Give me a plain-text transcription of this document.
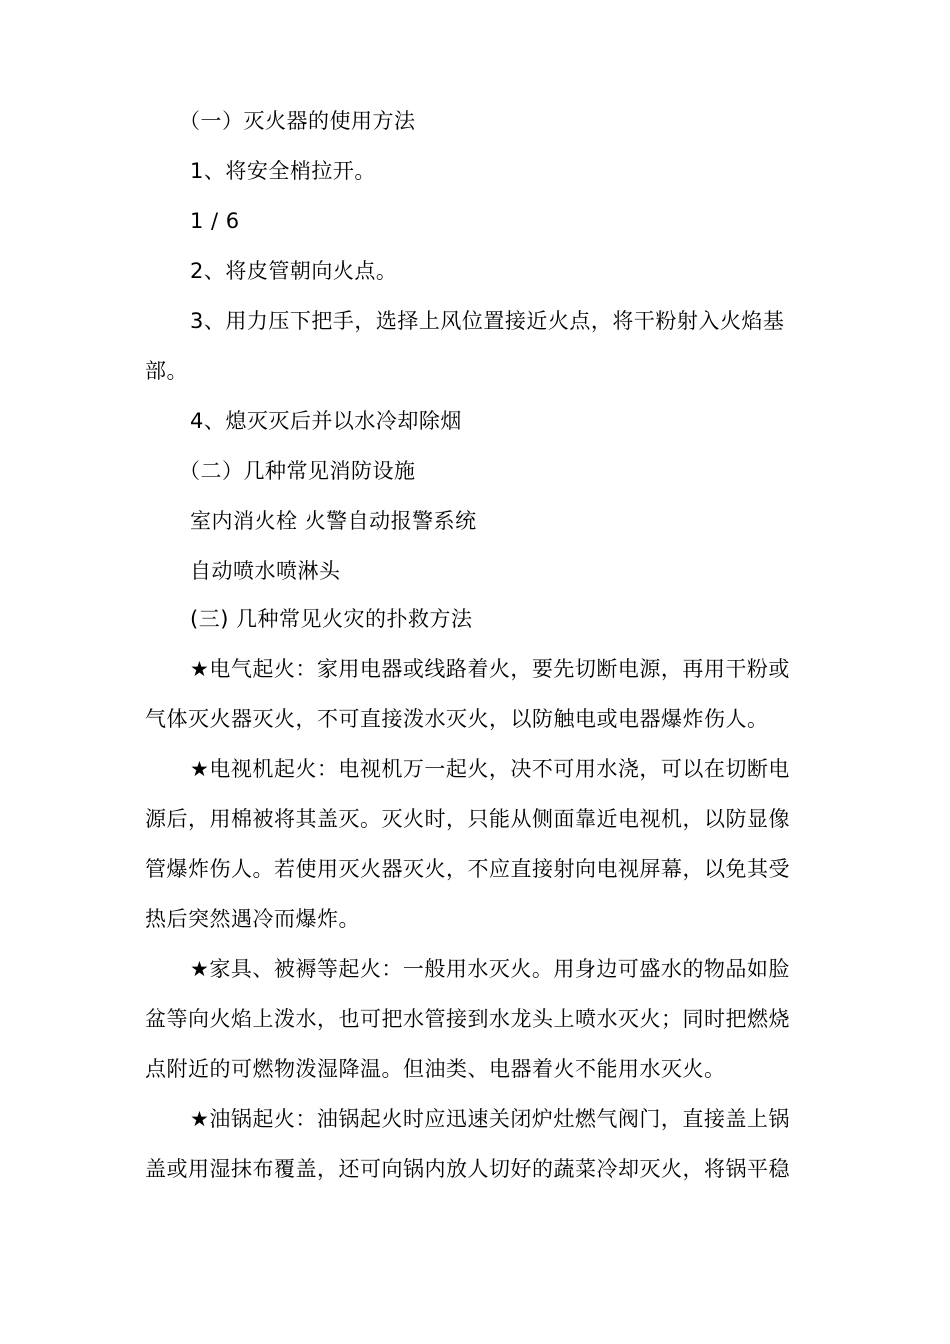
（一）灭火器的使用方法
1、将安全梢拉开。
1 / 6
2、将皮管朝向火点。
3、用力压下把手，选择上风位置接近火点，将干粉射入火焰基
部。
4、熄灭灭后并以水冷却除烟
（二）几种常见消防设施
室内消火栓 火警自动报警系统
自动喷水喷淋头
(三) 几种常见火灾的扑救方法
★电气起火：家用电器或线路着火，要先切断电源，再用干粉或
气体灭火器灭火，不可直接泼水灭火，以防触电或电器爆炸伤人。
★电视机起火：电视机万一起火，决不可用水浇，可以在切断电
源后，用棉被将其盖灭。灭火时，只能从侧面靠近电视机，以防显像
管爆炸伤人。若使用灭火器灭火，不应直接射向电视屏幕，以免其受
热后突然遇冷而爆炸。
★家具、被褥等起火：一般用水灭火。用身边可盛水的物品如脸
盆等向火焰上泼水，也可把水管接到水龙头上喷水灭火；同时把燃烧
点附近的可燃物泼湿降温。但油类、电器着火不能用水灭火。
★油锅起火：油锅起火时应迅速关闭炉灶燃气阀门，直接盖上锅
盖或用湿抹布覆盖，还可向锅内放人切好的蔬菜冷却灭火，将锅平稳
